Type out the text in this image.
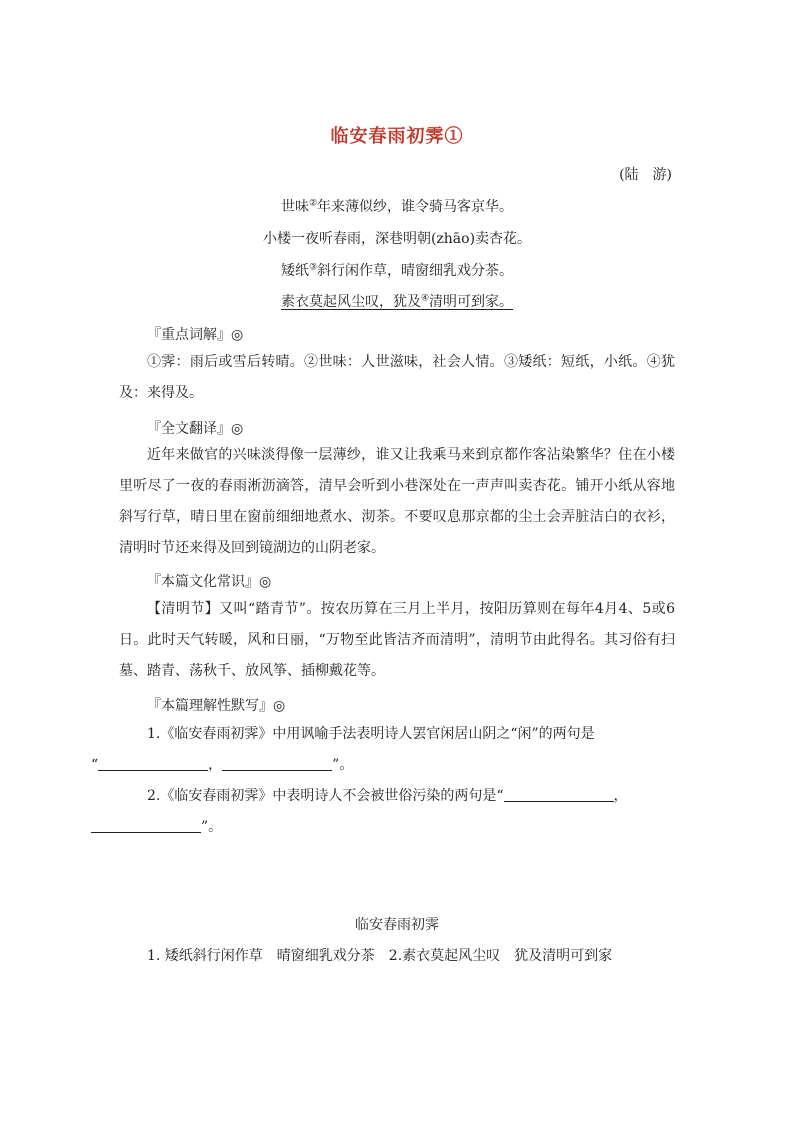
临安春雨初霁①
(陆　游)
世味②年来薄似纱，谁令骑马客京华。
小楼一夜听春雨，深巷明朝(zhāo)卖杏花。
矮纸③斜行闲作草，晴窗细乳戏分茶。
素衣莫起风尘叹，犹及④清明可到家。
『重点词解』◎
①霁：雨后或雪后转晴。②世味：人世滋味，社会人情。③矮纸：短纸，小纸。④犹及：来得及。
『全文翻译』◎
近年来做官的兴味淡得像一层薄纱，谁又让我乘马来到京都作客沾染繁华？住在小楼里听尽了一夜的春雨淅沥滴答，清早会听到小巷深处在一声声叫卖杏花。铺开小纸从容地斜写行草，晴日里在窗前细细地煮水、沏茶。不要叹息那京都的尘土会弄脏洁白的衣衫，清明时节还来得及回到镜湖边的山阴老家。
『本篇文化常识』◎
【清明节】又叫“踏青节”。按农历算在三月上半月，按阳历算则在每年4月4、5或6日。此时天气转暖，风和日丽，“万物至此皆洁齐而清明”，清明节由此得名。其习俗有扫墓、踏青、荡秋千、放风筝、插柳戴花等。
『本篇理解性默写』◎
1.《临安春雨初霁》中用讽喻手法表明诗人罢官闲居山阴之“闲”的两句是
“	，	”。
2.《临安春雨初霁》中表明诗人不会被世俗污染的两句是“	，
”。
临安春雨初霁
1. 矮纸斜行闲作草　晴窗细乳戏分茶　2.素衣莫起风尘叹　犹及清明可到家
